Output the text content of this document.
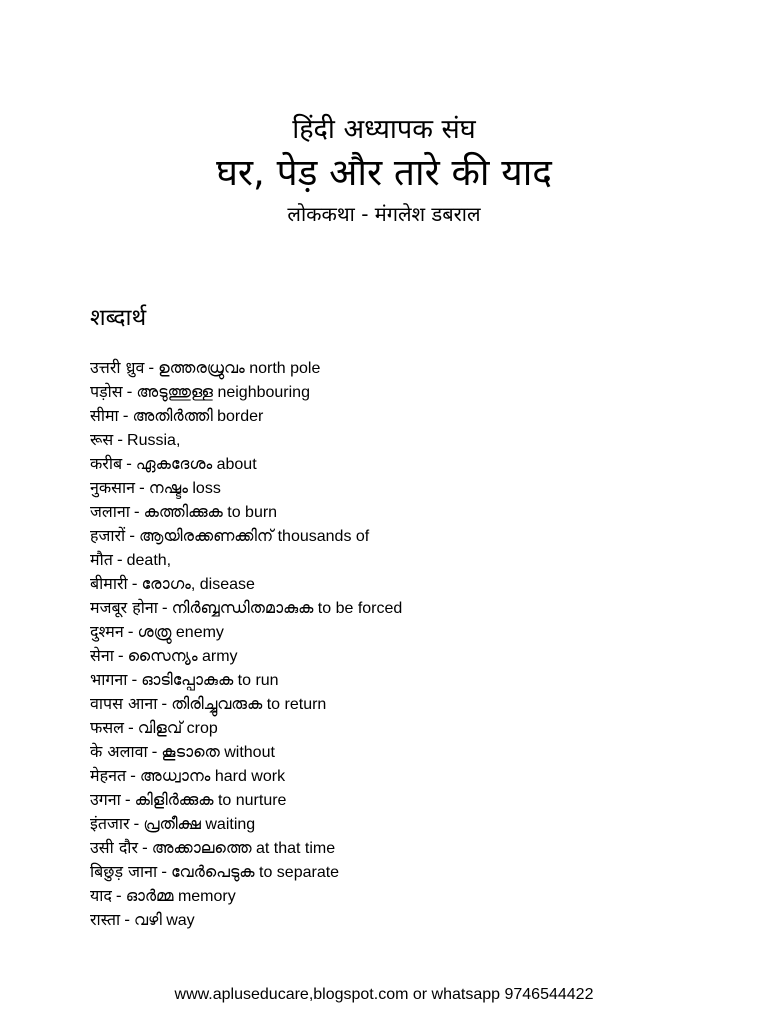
हिंदी अध्यापक संघ
घर, पेड़ और तारे की याद

लोककथा - मंगलेश डबराल

शब्दार्थ
उत्तरी ध्रुव - ഉത്തരധ്രുവം north pole
पड़ोस - അടുത്തുള്ള neighbouring
सीमा - അതിർത്തി border
रूस - Russia,
करीब - ഏകദേശം about
नुकसान - നഷ്ടം loss
जलाना - കത്തിക്കുക to burn
हजारों - ആയിരക്കണക്കിന് thousands of
मौत - death,
बीमारी - രോഗം, disease
मजबूर होना - നിർബ്ബന്ധിതമാകുക to be forced
दुश्मन - ശത്രു enemy
सेना - സൈന്യം army
भागना - ഓടിപ്പോകുക to run
वापस आना - തിരിച്ചുവരുക to return
फसल - വിളവ് crop
के अलावा - കൂടാതെ without
मेहनत - അധ്വാനം hard work
उगना - കിളിർക്കുക to nurture
इंतजार - പ്രതീക്ഷ waiting
उसी दौर - അക്കാലത്തെ at that time
बिछुड़ जाना - വേർപെടുക to separate
याद - ഓർമ്മ memory
रास्ता - വഴി way
www.apluseducare,blogspot.com or whatsapp 9746544422
